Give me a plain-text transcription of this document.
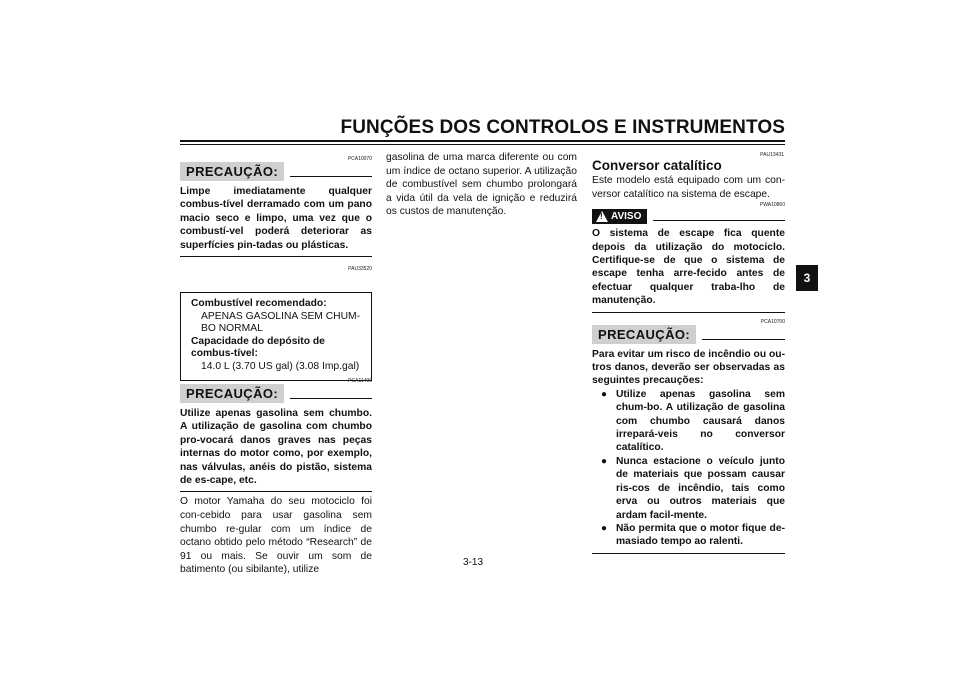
FUNÇÕES DOS CONTROLOS E INSTRUMENTOS
3
PCA10070
PRECAUÇÃO:
Limpe imediatamente qualquer combus-tível derramado com um pano macio seco e limpo, uma vez que o combustí-vel poderá deteriorar as superfícies pin-tadas ou plásticas.
PAU33520
Combustível recomendado:
APENAS GASOLINA SEM CHUM-BO NORMAL
Capacidade do depósito de combus-tível:
14.0 L (3.70 US gal) (3.08 Imp.gal)
PCA11400
PRECAUÇÃO:
Utilize apenas gasolina sem chumbo. A utilização de gasolina com chumbo pro-vocará danos graves nas peças internas do motor como, por exemplo, nas válvulas, anéis do pistão, sistema de es-cape, etc.
O motor Yamaha do seu motociclo foi con-cebido para usar gasolina sem chumbo re-gular com um índice de octano obtido pelo método “Research” de 91 ou mais. Se ouvir um som de batimento (ou sibilante), utilize
gasolina de uma marca diferente ou com um índice de octano superior. A utilização de combustível sem chumbo prolongará a vida útil da vela de ignição e reduzirá os custos de manutenção.
PAU13431
Conversor catalítico
Este modelo está equipado com um con-versor catalítico na sistema de escape.
PWA10860
! AVISO
O sistema de escape fica quente depois da utilização do motociclo. Certifique-se de que o sistema de escape tenha arre-fecido antes de efectuar qualquer traba-lho de manutenção.
PCA10700
PRECAUÇÃO:
Para evitar um risco de incêndio ou ou-tros danos, deverão ser observadas as seguintes precauções:
● Utilize apenas gasolina sem chum-bo. A utilização de gasolina com chumbo causará danos irrepará-veis no conversor catalítico.
● Nunca estacione o veículo junto de materiais que possam causar ris-cos de incêndio, tais como erva ou outros materiais que ardam facil-mente.
● Não permita que o motor fique de-masiado tempo ao ralenti.
3-13
